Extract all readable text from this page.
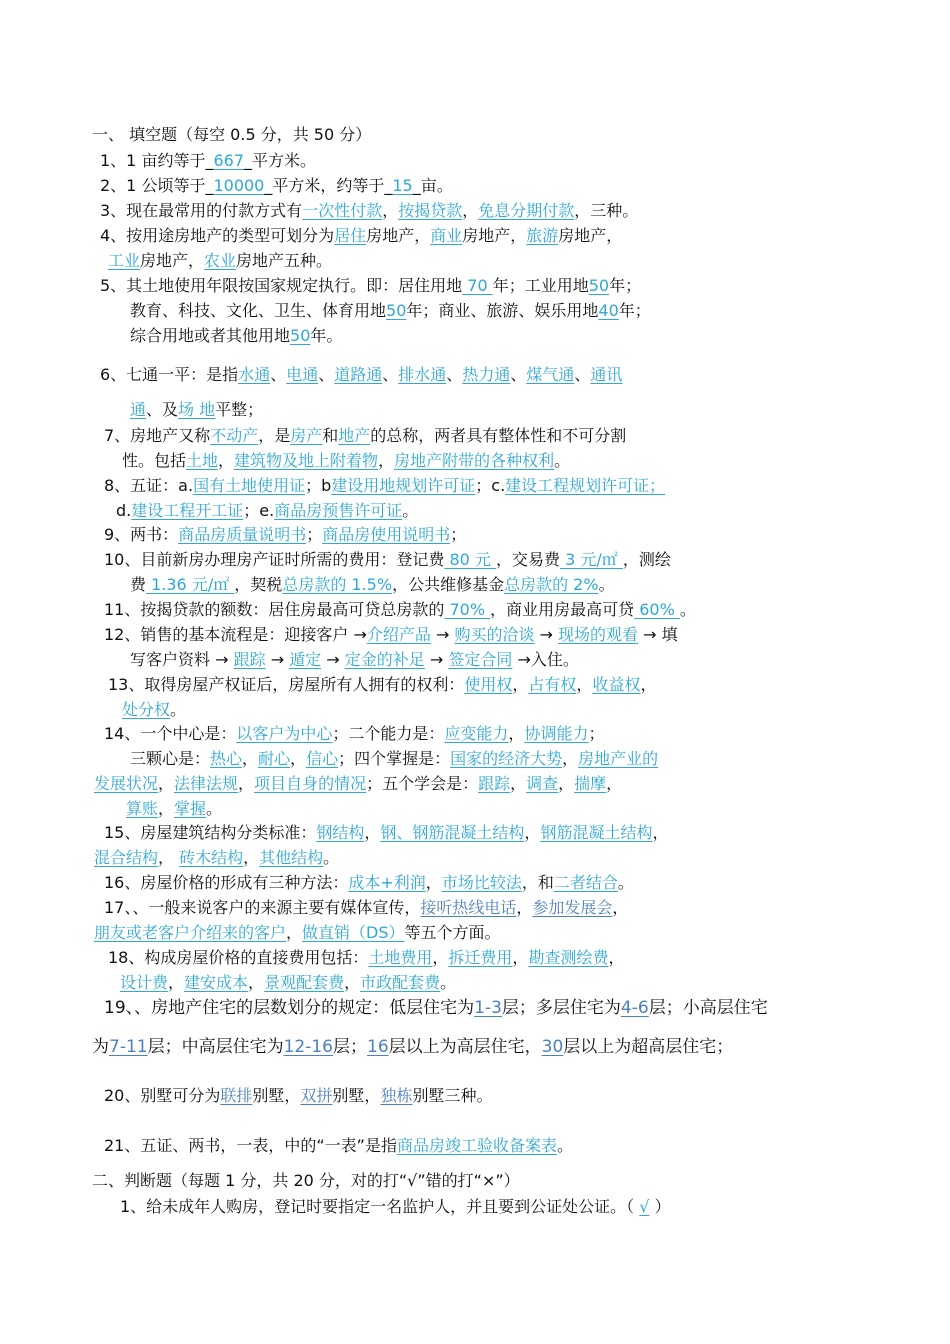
一、 填空题（每空 0.5 分，共 50 分）
1、1 亩约等于_667_平方米。
2、1 公顷等于_10000_平方米，约等于_15_亩。
3、现在最常用的付款方式有一次性付款，按揭贷款，免息分期付款，三种。
4、按用途房地产的类型可划分为居住房地产，商业房地产，旅游房地产，
工业房地产，农业房地产五种。
5、其土地使用年限按国家规定执行。即：居住用地 70 年；工业用地50年；
教育、科技、文化、卫生、体育用地50年；商业、旅游、娱乐用地40年；
综合用地或者其他用地50年。
6、七通一平：是指水通、电通、道路通、排水通、热力通、煤气通、通讯
通、及场 地平整；
7、房地产又称不动产，是房产和地产的总称，两者具有整体性和不可分割
性。包括土地，建筑物及地上附着物，房地产附带的各种权利。
8、五证：a.国有土地使用证；b建设用地规划许可证；c.建设工程规划许可证；
d.建设工程开工证；e.商品房预售许可证。
9、两书：商品房质量说明书；商品房使用说明书；
10、目前新房办理房产证时所需的费用：登记费 80 元 ，交易费 3 元/㎡ ，测绘
费 1.36 元/㎡ ，契税总房款的 1.5%，公共维修基金总房款的 2%。
11、按揭贷款的额数：居住房最高可贷总房款的 70% ，商业用房最高可贷 60% 。
12、销售的基本流程是：迎接客户 →介绍产品 → 购买的洽谈 → 现场的观看 → 填
写客户资料 → 跟踪 → 遁定 → 定金的补足 → 签定合同 →入住。
13、取得房屋产权证后，房屋所有人拥有的权利：使用权，占有权，收益权，
处分权。
14、一个中心是：以客户为中心；二个能力是：应变能力，协调能力；
三颗心是：热心，耐心，信心；四个掌握是：国家的经济大势，房地产业的
发展状况，法律法规，项目自身的情况；五个学会是：跟踪，调查，揣摩，
算账，掌握。
15、房屋建筑结构分类标准：钢结构，钢、钢筋混凝土结构，钢筋混凝土结构，
混合结构， 砖木结构，其他结构。
16、房屋价格的形成有三种方法：成本+利润，市场比较法，和二者结合。
17、、一般来说客户的来源主要有媒体宣传，接听热线电话，参加发展会，
朋友或老客户介绍来的客户，做直销（DS）等五个方面。
18、构成房屋价格的直接费用包括：土地费用，拆迁费用，勘查测绘费，
设计费，建安成本，景观配套费，市政配套费。
19、、房地产住宅的层数划分的规定：低层住宅为1-3层；多层住宅为4-6层；小高层住宅
为7-11层；中高层住宅为12-16层；16层以上为高层住宅，30层以上为超高层住宅；
20、别墅可分为联排别墅，双拼别墅，独栋别墅三种。
21、五证、两书，一表，中的“一表”是指商品房竣工验收备案表。
二、判断题（每题 1 分，共 20 分，对的打“√”错的打“×”）
1、给未成年人购房，登记时要指定一名监护人，并且要到公证处公证。（ √ ）
